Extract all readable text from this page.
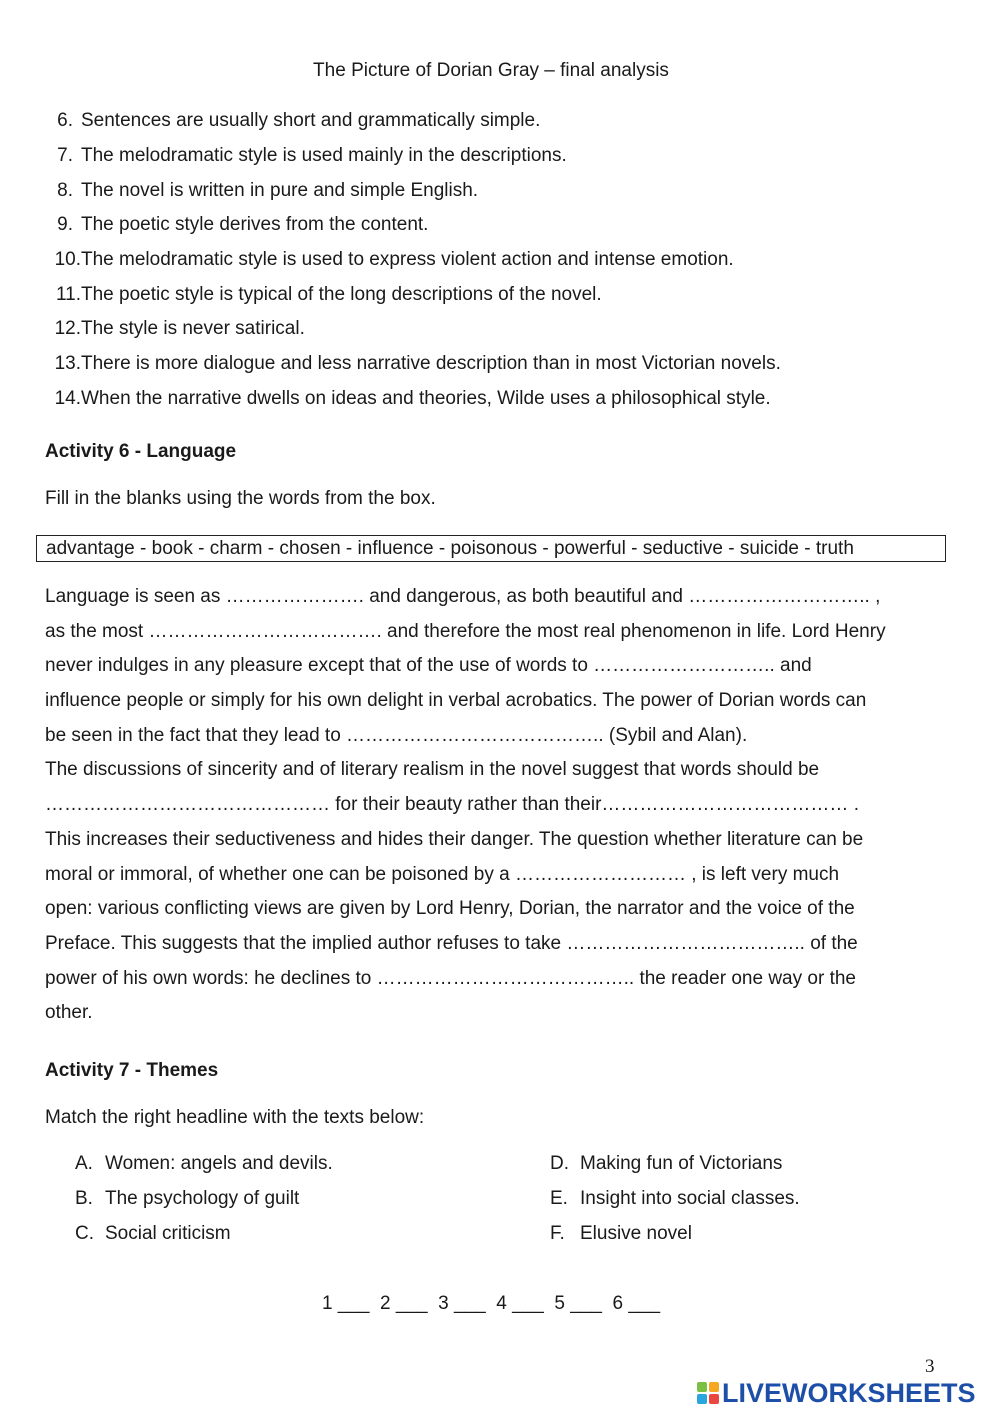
The Picture of Dorian Gray – final analysis
6. Sentences are usually short and grammatically simple.
7. The melodramatic style is used mainly in the descriptions.
8. The novel is written in pure and simple English.
9. The poetic style derives from the content.
10. The melodramatic style is used to express violent action and intense emotion.
11. The poetic style is typical of the long descriptions of the novel.
12. The style is never satirical.
13. There is more dialogue and less narrative description than in most Victorian novels.
14. When the narrative dwells on ideas and theories, Wilde uses a philosophical style.
Activity 6 - Language
Fill in the blanks using the words from the box.
advantage - book - charm - chosen - influence - poisonous - powerful - seductive - suicide - truth
Language is seen as …………………. and dangerous, as both beautiful and ……………………….. ,
as the most ………………………………. and therefore the most real phenomenon in life. Lord Henry
never indulges in any pleasure except that of the use of words to ……………………….. and
influence people or simply for his own delight in verbal acrobatics. The power of Dorian words can
be seen in the fact that they lead to ………………………………….. (Sybil and Alan).
The discussions of sincerity and of literary realism in the novel suggest that words should be
……………………………………… for their beauty rather than their………………………………… .
This increases their seductiveness and hides their danger. The question whether literature can be
moral or immoral, of whether one can be poisoned by a ……………………… , is left very much
open: various conflicting views are given by Lord Henry, Dorian, the narrator and the voice of the
Preface. This suggests that the implied author refuses to take ……………………………….. of the
power of his own words: he declines to ………………………………….. the reader one way or the
other.
Activity 7 - Themes
Match the right headline with the texts below:
A. Women: angels and devils.
B. The psychology of guilt
C. Social criticism
D. Making fun of Victorians
E. Insight into social classes.
F. Elusive novel
1 ___  2 ___  3 ___  4 ___  5 ___  6 ___
3
LIVEWORKSHEETS
